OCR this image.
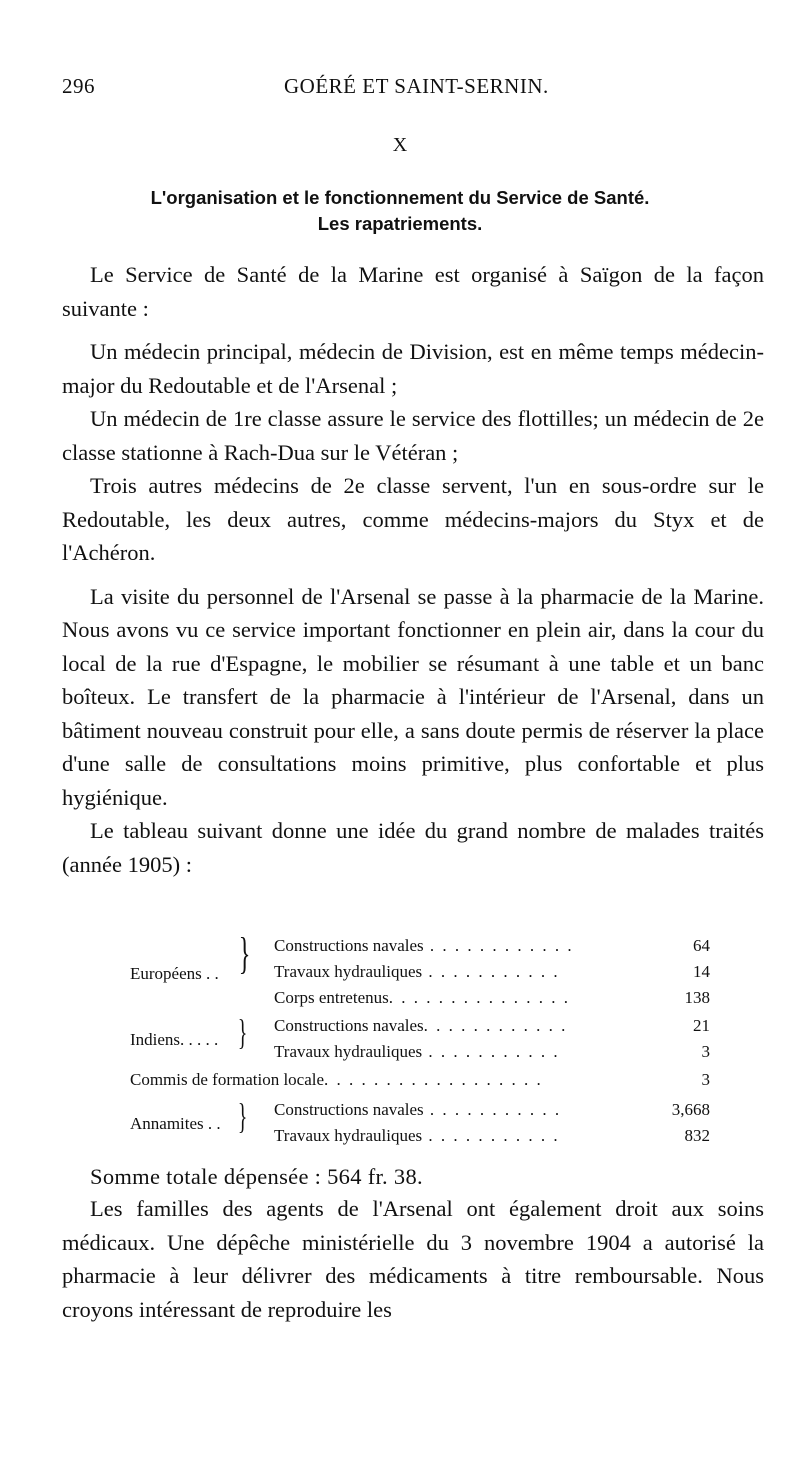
296	GOÉRÉ ET SAINT-SERNIN.
X
L'organisation et le fonctionnement du Service de Santé.
Les rapatriements.

Le Service de Santé de la Marine est organisé à Saïgon de la façon suivante :

Un médecin principal, médecin de Division, est en même temps médecin-major du Redoutable et de l'Arsenal ;

Un médecin de 1re classe assure le service des flottilles; un médecin de 2e classe stationne à Rach-Dua sur le Vétéran ;

Trois autres médecins de 2e classe servent, l'un en sous-ordre sur le Redoutable, les deux autres, comme médecins-majors du Styx et de l'Achéron.

La visite du personnel de l'Arsenal se passe à la pharmacie de la Marine. Nous avons vu ce service important fonctionner en plein air, dans la cour du local de la rue d'Espagne, le mobilier se résumant à une table et un banc boîteux. Le transfert de la pharmacie à l'intérieur de l'Arsenal, dans un bâtiment nouveau construit pour elle, a sans doute permis de réserver la place d'une salle de consultations moins primitive, plus confortable et plus hygiénique.

Le tableau suivant donne une idée du grand nombre de malades traités (année 1905) :

Européens . . } Constructions navales . . . . . . . . . . . .	64
Travaux hydrauliques . . . . . . . . . . .	14
Corps entretenus. . . . . . . . . . . . . . .	138
Indiens. . . . . } Constructions navales. . . . . . . . . . . .	21
Travaux hydrauliques . . . . . . . . . . .	3
Commis de formation locale. . . . . . . . . . . . . . . . . .	3
Annamites . . } Constructions navales . . . . . . . . . . .	3,668
Travaux hydrauliques . . . . . . . . . . .	832
Somme totale dépensée : 564 fr. 38.

Les familles des agents de l'Arsenal ont également droit aux soins médicaux. Une dépêche ministérielle du 3 novembre 1904 a autorisé la pharmacie à leur délivrer des médicaments à titre remboursable. Nous croyons intéressant de reproduire les
